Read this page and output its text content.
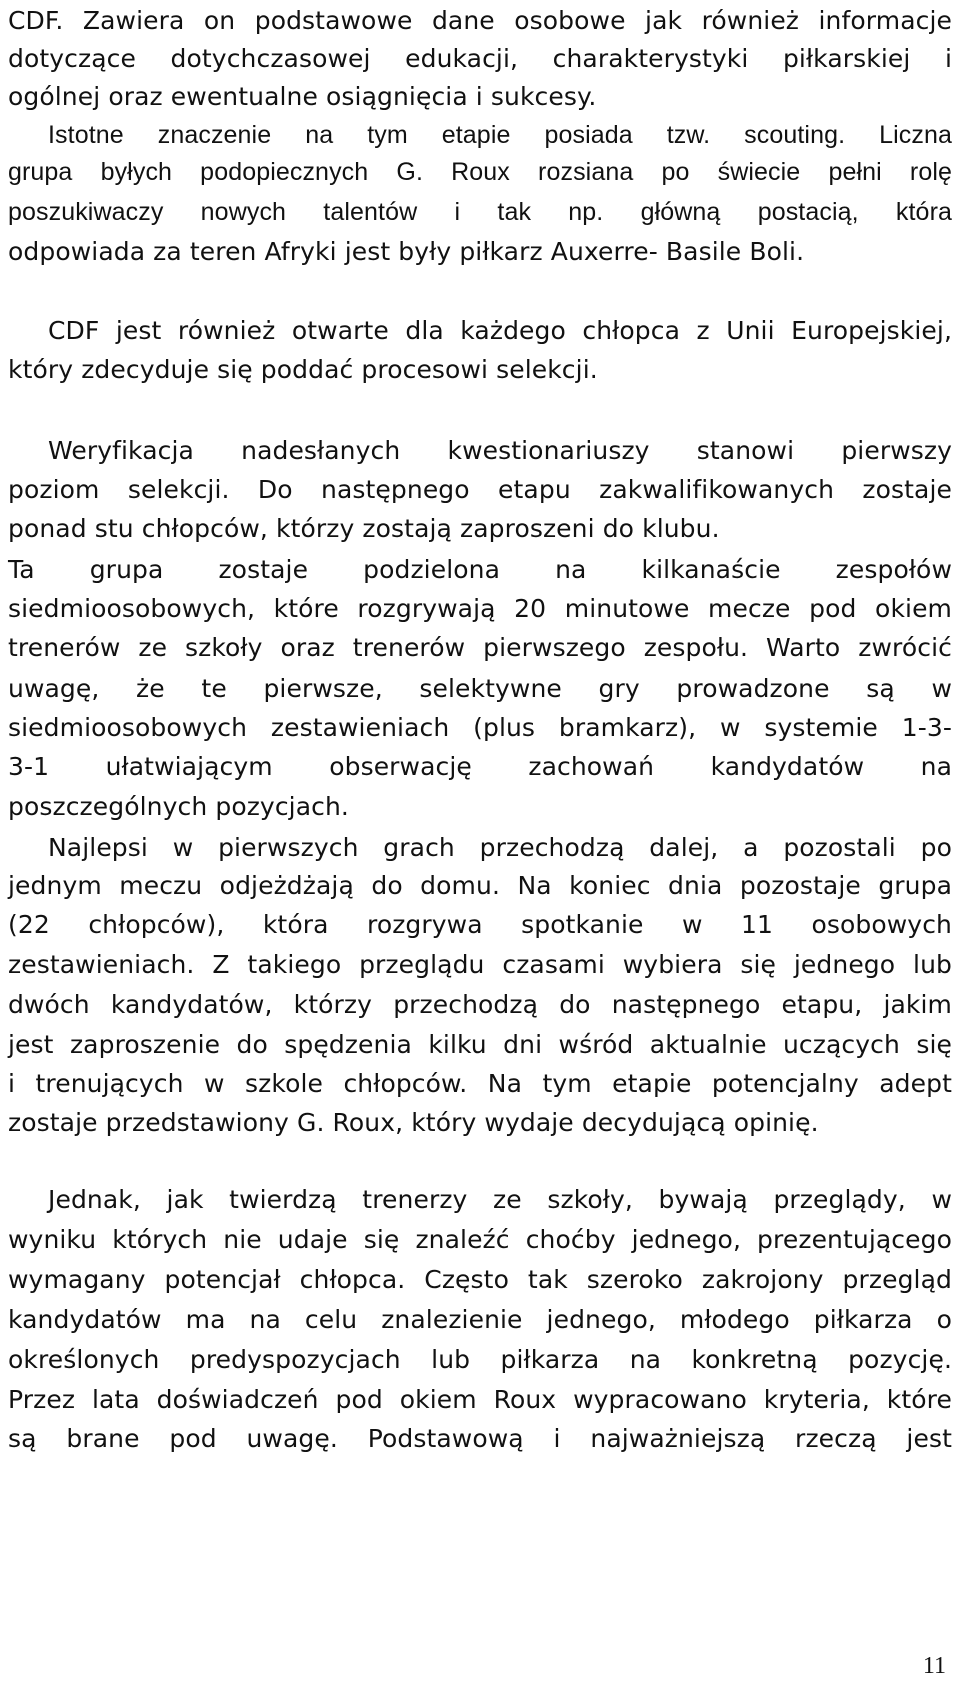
CDF. Zawiera on podstawowe dane osobowe jak również informacje
dotyczące dotychczasowej edukacji, charakterystyki piłkarskiej i
ogólnej oraz ewentualne osiągnięcia i sukcesy.
Istotne znaczenie na tym etapie posiada tzw. scouting. Liczna
grupa byłych podopiecznych G. Roux rozsiana po świecie pełni rolę
poszukiwaczy nowych talentów i tak np. główną postacią, która
odpowiada za teren Afryki jest były piłkarz Auxerre- Basile Boli.
CDF jest również otwarte dla każdego chłopca z Unii Europejskiej,
który zdecyduje się poddać procesowi selekcji.
Weryfikacja nadesłanych kwestionariuszy stanowi pierwszy
poziom selekcji. Do następnego etapu zakwalifikowanych zostaje
ponad stu chłopców, którzy zostają zaproszeni do klubu.
Ta grupa zostaje podzielona na kilkanaście zespołów
siedmioosobowych, które rozgrywają 20 minutowe mecze pod okiem
trenerów ze szkoły oraz trenerów pierwszego zespołu. Warto zwrócić
uwagę, że te pierwsze, selektywne gry prowadzone są w
siedmioosobowych zestawieniach (plus bramkarz), w systemie 1-3-
3-1 ułatwiającym obserwację zachowań kandydatów na
poszczególnych pozycjach.
Najlepsi w pierwszych grach przechodzą dalej, a pozostali po
jednym meczu odjeżdżają do domu. Na koniec dnia pozostaje grupa
(22 chłopców), która rozgrywa spotkanie w 11 osobowych
zestawieniach. Z takiego przeglądu czasami wybiera się jednego lub
dwóch kandydatów, którzy przechodzą do następnego etapu, jakim
jest zaproszenie do spędzenia kilku dni wśród aktualnie uczących się
i trenujących w szkole chłopców. Na tym etapie potencjalny adept
zostaje przedstawiony G. Roux, który wydaje decydującą opinię.
Jednak, jak twierdzą trenerzy ze szkoły, bywają przeglądy, w
wyniku których nie udaje się znaleźć choćby jednego, prezentującego
wymagany potencjał chłopca. Często tak szeroko zakrojony przegląd
kandydatów ma na celu znalezienie jednego, młodego piłkarza o
określonych predyspozycjach lub piłkarza na konkretną pozycję.
Przez lata doświadczeń pod okiem Roux wypracowano kryteria, które
są brane pod uwagę. Podstawową i najważniejszą rzeczą jest
11
